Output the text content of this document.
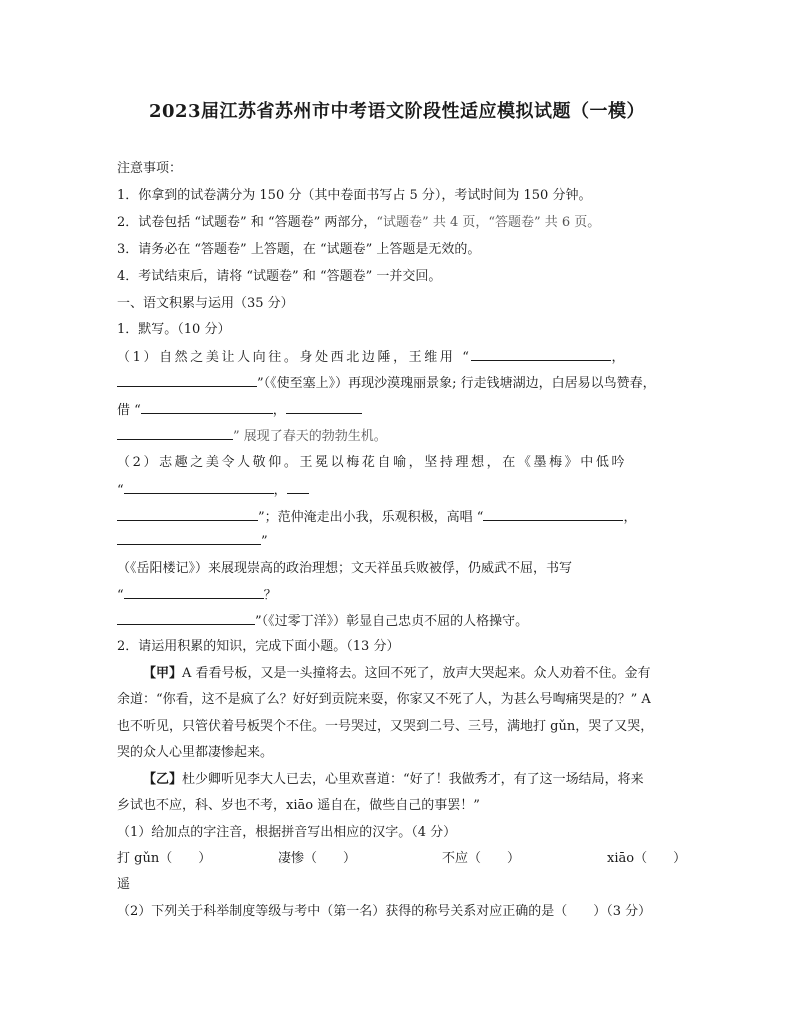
2023届江苏省苏州市中考语文阶段性适应模拟试题（一模）
注意事项：
1．你拿到的试卷满分为 150 分（其中卷面书写占 5 分），考试时间为 150 分钟。
2．试卷包括 “试题卷” 和 “答题卷” 两部分，“试题卷” 共 4 页，“答题卷” 共 6 页。
3．请务必在 “答题卷” 上答题，在 “试题卷” 上答题是无效的。
4．考试结束后，请将 “试题卷” 和 “答题卷” 一并交回。
一、语文积累与运用（35 分）
1．默写。（10 分）
（1）自然之美让人向往。身处西北边陲，王维用 “	，
”（《使至塞上》）再现沙漠瑰丽景象; 行走钱塘湖边，白居易以鸟赞春，
借 “	，
” 展现了春天的勃勃生机。
（2）志趣之美令人敬仰。王冕以梅花自喻，坚持理想，在《墨梅》中低吟
“	，
”；范仲淹走出小我，乐观积极，高唱 “	，
”
（《岳阳楼记》）来展现崇高的政治理想；文天祥虽兵败被俘，仍威武不屈，书写
“	？
”（《过零丁洋》）彰显自己忠贞不屈的人格操守。
2．请运用积累的知识，完成下面小题。（13 分）
【甲】A 看看号板，又是一头撞将去。这回不死了，放声大哭起来。众人劝着不住。金有
余道：“你看，这不是疯了么？好好到贡院来耍，你家又不死了人，为甚么号啕痛哭是的？” A
也不听见，只管伏着号板哭个不住。一号哭过，又哭到二号、三号，满地打 gǔn，哭了又哭，
哭的众人心里都凄惨起来。
【乙】杜少卿听见李大人已去，心里欢喜道：“好了！我做秀才，有了这一场结局，将来
乡试也不应，科、岁也不考，xiāo 遥自在，做些自己的事罢！”
（1）给加点的字注音，根据拼音写出相应的汉字。（4 分）
打 gǔn（　　）	凄惨（　　）	不应（　　）	xiāo（　　）
遥
（2）下列关于科举制度等级与考中（第一名）获得的称号关系对应正确的是（　　）（3 分）
